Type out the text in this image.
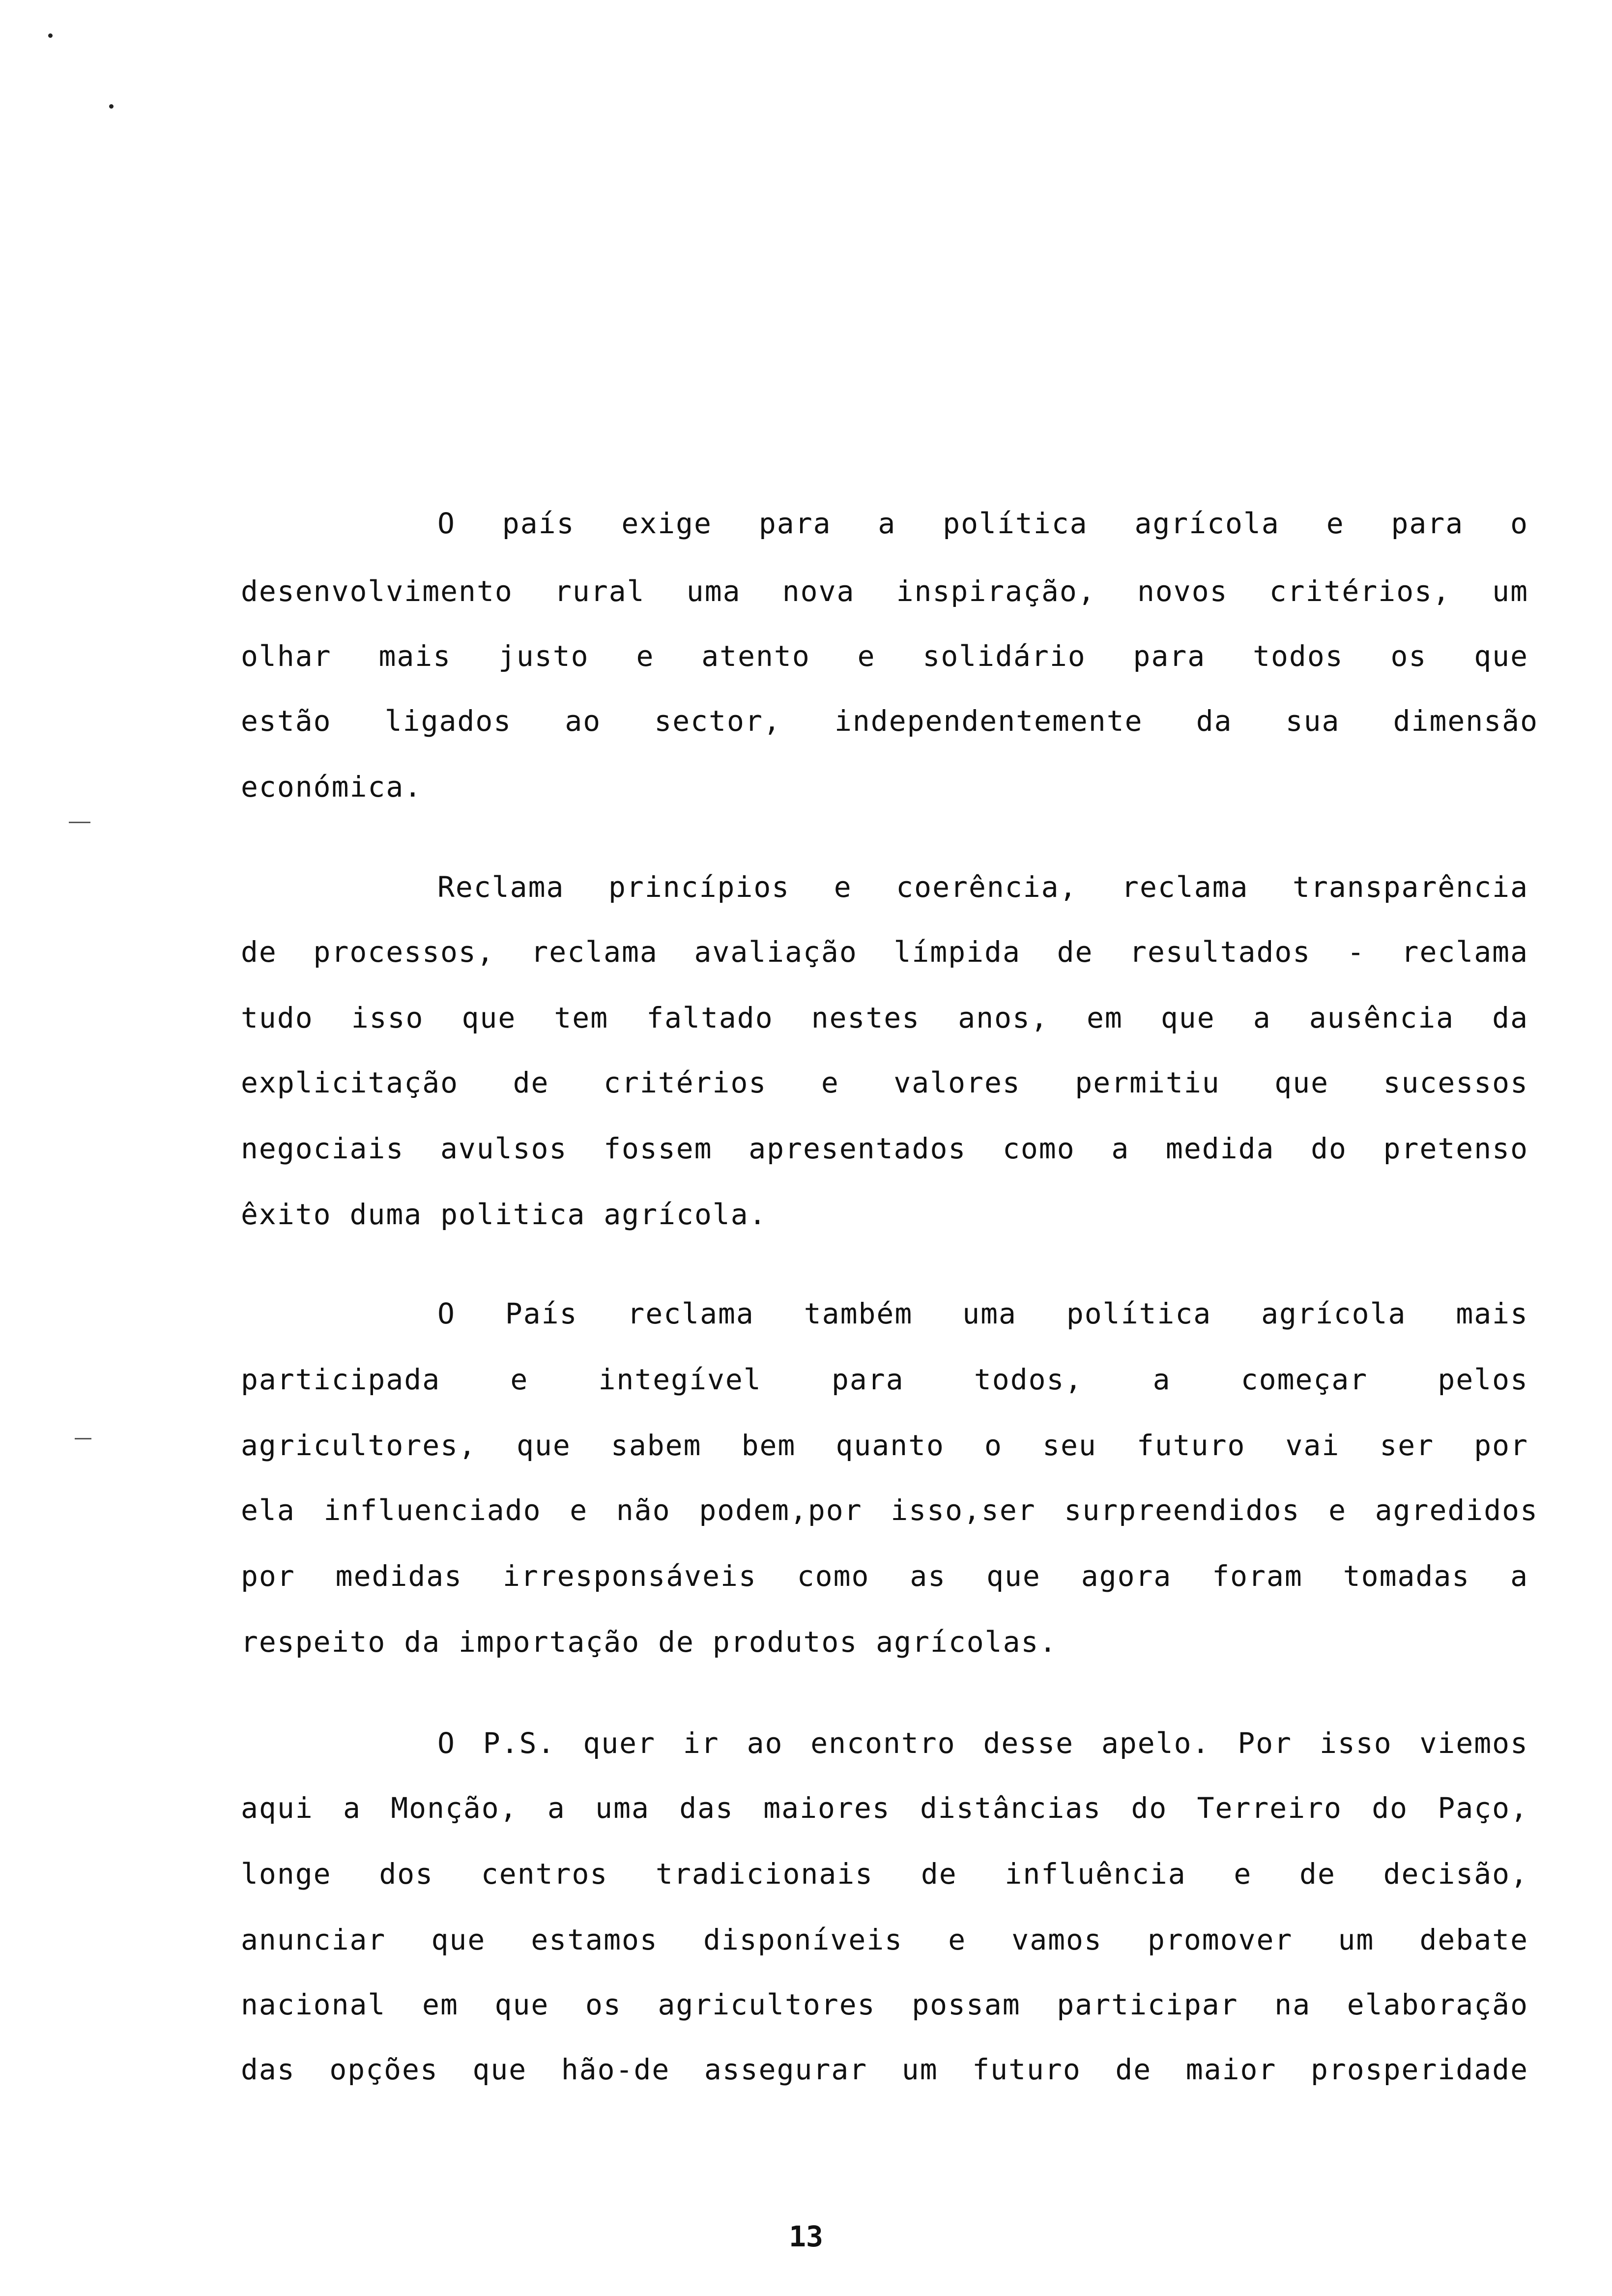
O país exige para a política agrícola e para o
desenvolvimento rural uma nova inspiração, novos critérios, um
olhar mais justo e atento e solidário para todos os que
estão ligados ao sector, independentemente da sua dimensão
económica.
Reclama princípios e coerência, reclama transparência
de processos, reclama avaliação límpida de resultados - reclama
tudo isso que tem faltado nestes anos, em que a ausência da
explicitação de critérios e valores permitiu que sucessos
negociais avulsos fossem apresentados como a medida do pretenso
êxito duma politica agrícola.
O País reclama também uma política agrícola mais
participada e integível para todos, a começar pelos
agricultores, que sabem bem quanto o seu futuro vai ser por
ela influenciado e não podem,por isso,ser surpreendidos e agredidos
por medidas irresponsáveis como as que agora foram tomadas a
respeito da importação de produtos agrícolas.
O P.S. quer ir ao encontro desse apelo. Por isso viemos
aqui a Monção, a uma das maiores distâncias do Terreiro do Paço,
longe dos centros tradicionais de influência e de decisão,
anunciar que estamos disponíveis e vamos promover um debate
nacional em que os agricultores possam participar na elaboração
das opções que hão-de assegurar um futuro de maior prosperidade
13
